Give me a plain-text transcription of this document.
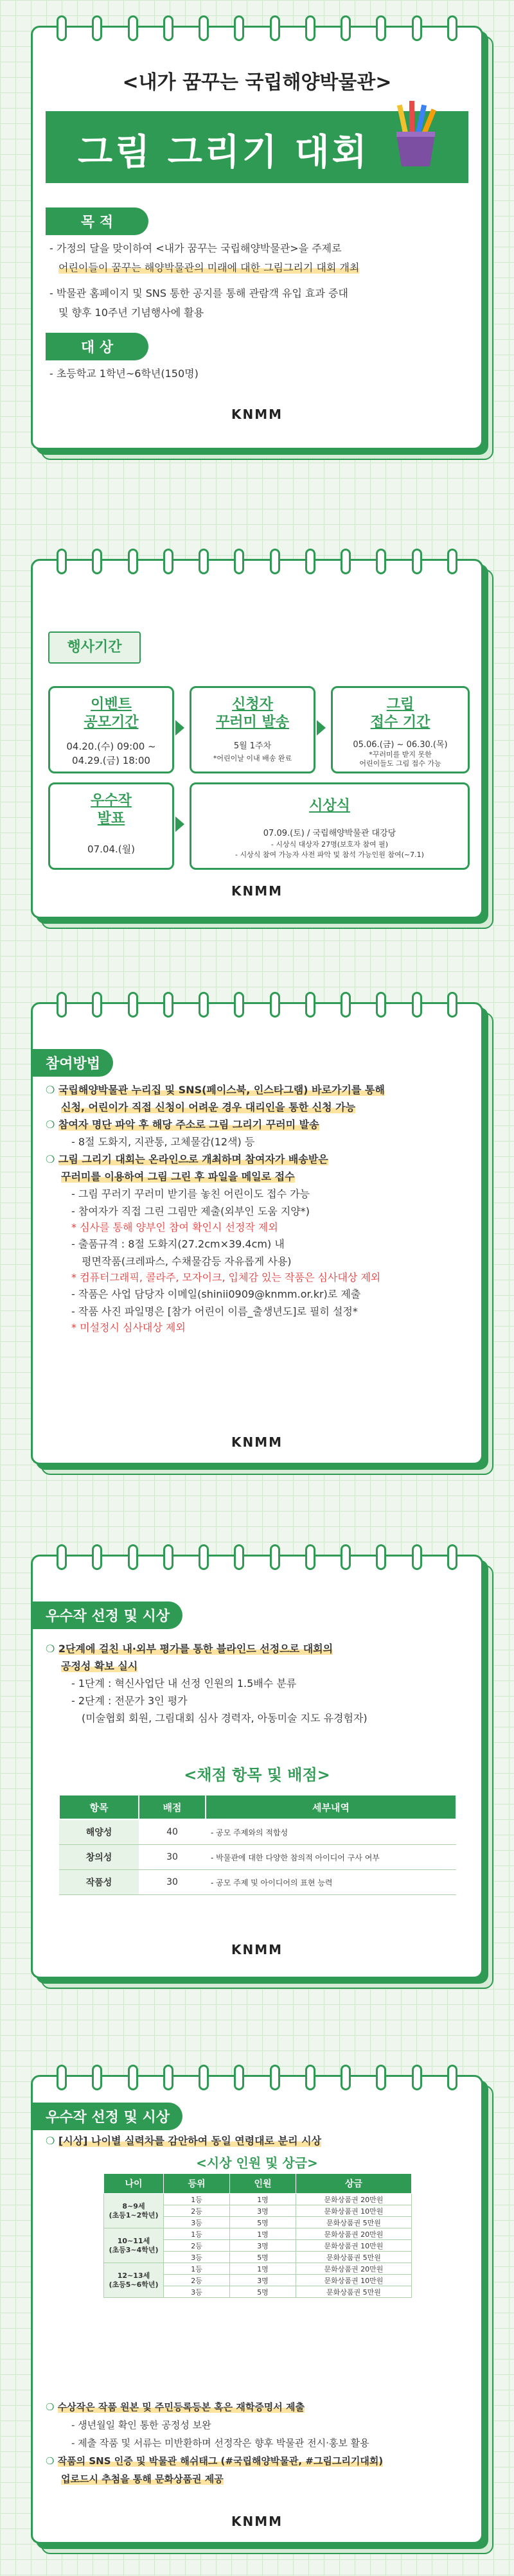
<내가 꿈꾸는 국립해양박물관>
그림 그리기 대회
목 적
- 가정의 달을 맞이하여 <내가 꿈꾸는 국립해양박물관>을 주제로
어린이들이 꿈꾸는 해양박물관의 미래에 대한 그림그리기 대회 개최
- 박물관 홈페이지 및 SNS 통한 공지를 통해 관람객 유입 효과 증대
및 향후 10주년 기념행사에 활용
대 상
- 초등학교 1학년~6학년(150명)
KNMM
행사기간
이벤트
공모기간
04.20.(수) 09:00 ~
04.29.(금) 18:00
신청자
꾸러미 발송
5월 1주차
*어린이날 이내 배송 완료
그림
접수 기간
05.06.(금) ~ 06.30.(목)
*꾸러미를 받지 못한
어린이들도 그림 접수 가능
우수작
발표
07.04.(월)
시상식
07.09.(토) / 국립해양박물관 대강당
- 시상식 대상자 27명(보호자 참여 필)
- 시상식 참여 가능자 사전 파악 및 참석 가능인원 참여(~7.1)
KNMM
참여방법
❍ 국립해양박물관 누리집 및 SNS(페이스북, 인스타그램) 바로가기를 통해
신청, 어린이가 직접 신청이 어려운 경우 대리인을 통한 신청 가능
❍ 참여자 명단 파악 후 해당 주소로 그림 그리기 꾸러미 발송
- 8절 도화지, 지관통, 고체물감(12색) 등
❍ 그림 그리기 대회는 온라인으로 개최하며 참여자가 배송받은
꾸러미를 이용하여 그림 그린 후 파일을 메일로 접수
- 그림 꾸러기 꾸러미 받기를 놓친 어린이도 접수 가능
- 참여자가 직접 그린 그림만 제출(외부인 도움 지양*)
* 심사를 통해 양부인 참여 확인시 선정작 제외
- 출품규격 : 8절 도화지(27.2cm×39.4cm) 내
평면작품(크레파스, 수채물감등 자유롭게 사용)
* 컴퓨터그래픽, 콜라주, 모자이크, 입체감 있는 작품은 심사대상 제외
- 작품은 사업 담당자 이메일(shinii0909@knmm.or.kr)로 제출
- 작품 사진 파일명은 [참가 어린이 이름_출생년도]로 필히 설정*
* 미설정시 심사대상 제외
KNMM
우수작 선정 및 시상
❍ 2단계에 걸친 내·외부 평가를 통한 블라인드 선정으로 대회의
공정성 확보 실시
- 1단계 : 혁신사업단 내 선정 인원의 1.5배수 분류
- 2단계 : 전문가 3인 평가
(미술협회 회원, 그림대회 심사 경력자, 아동미술 지도 유경험자)
<채점 항목 및 배점>
항목	배점	세부내역
해양성	40	- 공모 주제와의 적합성
창의성	30	- 박물관에 대한 다양한 참의적 아이디어 구사 여부
작품성	30	- 공모 주제 및 아이디어의 표현 능력
KNMM
우수작 선정 및 시상
❍ [시상] 나이별 실력차를 감안하여 동일 연령대로 분리 시상
<시상 인원 및 상금>
나이	등위	인원	상금
8~9세
(초등1~2학년)	1등	1명	문화상품권 20만원
	2등	3명	문화상품권 10만원
	3등	5명	문화상품권 5만원
10~11세
(초등3~4학년)	1등	1명	문화상품권 20만원
	2등	3명	문화상품권 10만원
	3등	5명	문화상품권 5만원
12~13세
(초등5~6학년)	1등	1명	문화상품권 20만원
	2등	3명	문화상품권 10만원
	3등	5명	문화상품권 5만원
❍ 수상작은 작품 원본 및 주민등록등본 혹은 재학증명서 제출
- 생년월일 확인 통한 공정성 보완
- 제출 작품 및 서류는 미반환하며 선정작은 향후 박물관 전시·홍보 활용
❍ 작품의 SNS 인증 및 박물관 해쉬태그 (#국립해양박물관, #그림그리기대회)
업로드시 추첨을 통해 문화상품권 제공
KNMM
